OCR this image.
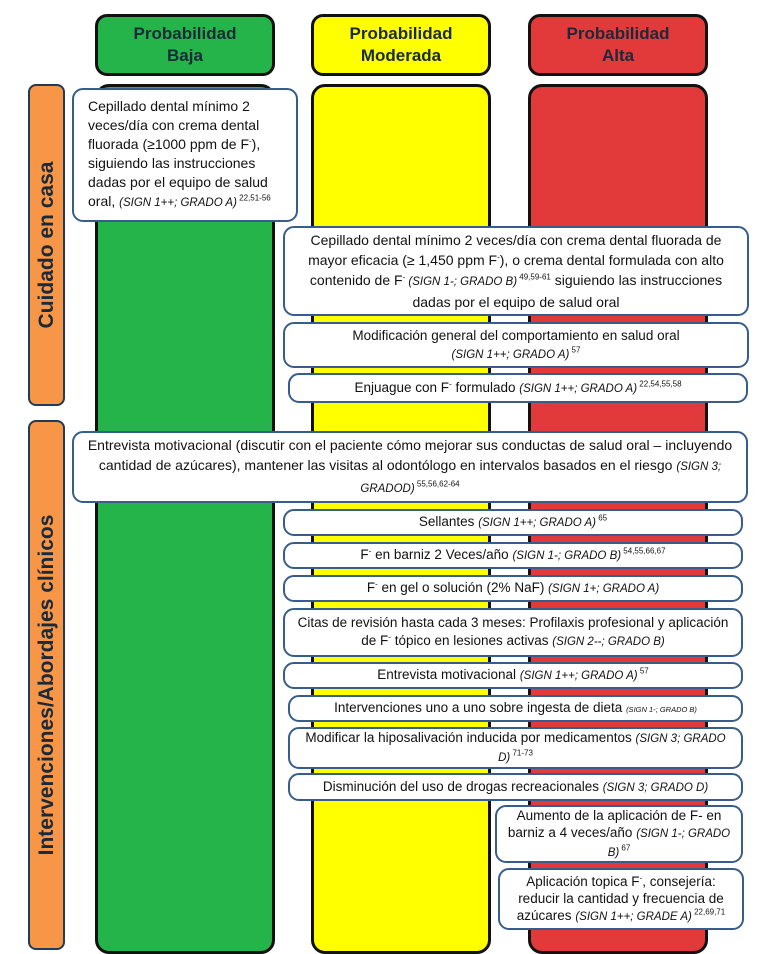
Probabilidad
Baja
Probabilidad
Moderada
Probabilidad
Alta
Cuidado en casa
Intervenciones/Abordajes clínicos
Cepillado dental mínimo 2 veces/día con crema dental fluorada (≥1000 ppm de F-), siguiendo las instrucciones dadas por el equipo de salud oral, (SIGN 1++; GRADO A) $^{22,51-56}$
Cepillado dental mínimo 2 veces/día con crema dental fluorada de mayor eficacia (≥ 1,450 ppm F-), o crema dental formulada con alto contenido de F- (SIGN 1-; GRADO B) $^{49,59-61}$ siguiendo las instrucciones dadas por el equipo de salud oral
Modificación general del comportamiento en salud oral
(SIGN 1++; GRADO A) $^{57}$
Enjuague con F- formulado (SIGN 1++; GRADO A) $^{22,54,55,58}$
Entrevista motivacional (discutir con el paciente cómo mejorar sus conductas de salud oral – incluyendo cantidad de azúcares), mantener las visitas al odontólogo en intervalos basados en el riesgo (SIGN 3; GRADOD) $^{55,56,62-64}$
Sellantes (SIGN 1++; GRADO A) $^{65}$
F- en barniz 2 Veces/año (SIGN 1-; GRADO B) $^{54,55,66,67}$
F- en gel o solución (2% NaF) (SIGN 1+; GRADO A)
Citas de revisión hasta cada 3 meses: Profilaxis profesional y aplicación de F- tópico en lesiones activas (SIGN 2--; GRADO B)
Entrevista motivacional (SIGN 1++; GRADO A) $^{57}$
Intervenciones uno a uno sobre ingesta de dieta (SIGN 1-; GRADO B)
Modificar la hiposalivación inducida por medicamentos (SIGN 3; GRADO D) $^{71-73}$
Disminución del uso de drogas recreacionales (SIGN 3; GRADO D)
Aumento de la aplicación de F- en barniz a 4 veces/año (SIGN 1-; GRADO B) $^{67}$
Aplicación topica F-, consejería: reducir la cantidad y frecuencia de azúcares (SIGN 1++; GRADE A) $^{22,69,71}$
